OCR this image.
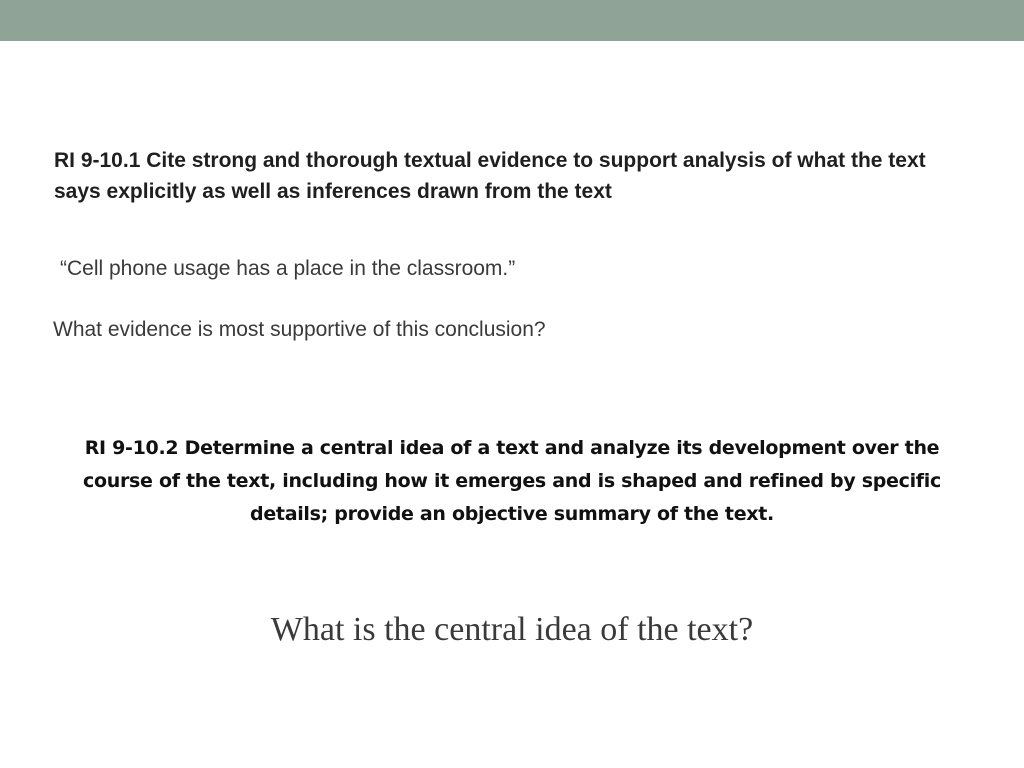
RI 9-10.1 Cite strong and thorough textual evidence to support analysis of what the text says explicitly as well as inferences drawn from the text

“Cell phone usage has a place in the classroom.”

What evidence is most supportive of this conclusion?

RI 9-10.2 Determine a central idea of a text and analyze its development over the course of the text, including how it emerges and is shaped and refined by specific details; provide an objective summary of the text.

What is the central idea of the text?
